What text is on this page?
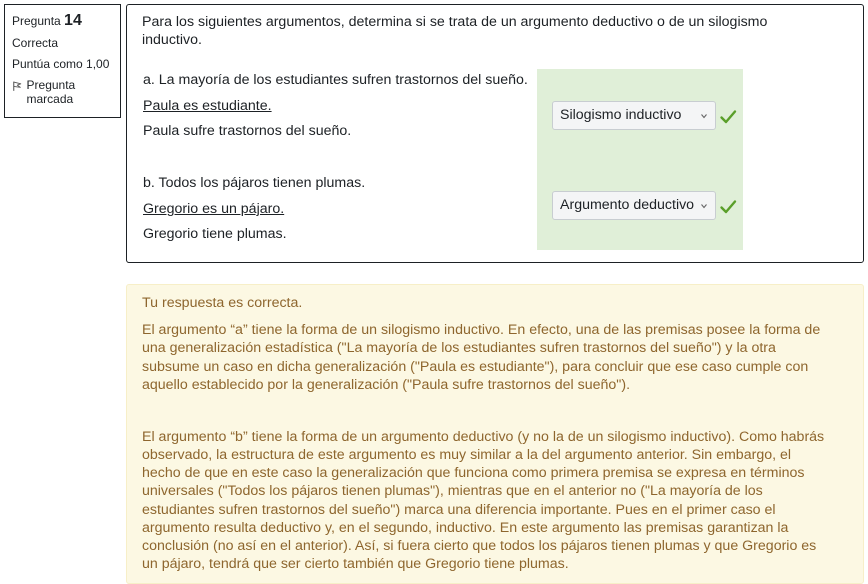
Pregunta 14
Correcta
Puntúa como 1,00
Pregunta marcada

Para los siguientes argumentos, determina si se trata de un argumento deductivo o de un silogismo inductivo.

a. La mayoría de los estudiantes sufren trastornos del sueño.
Paula es estudiante.
Paula sufre trastornos del sueño.
Silogismo inductivo
b. Todos los pájaros tienen plumas.
Gregorio es un pájaro.
Gregorio tiene plumas.
Argumento deductivo

Tu respuesta es correcta.

El argumento “a” tiene la forma de un silogismo inductivo. En efecto, una de las premisas posee la forma de una generalización estadística ("La mayoría de los estudiantes sufren trastornos del sueño") y la otra subsume un caso en dicha generalización ("Paula es estudiante"), para concluir que ese caso cumple con aquello establecido por la generalización ("Paula sufre trastornos del sueño").

El argumento “b” tiene la forma de un argumento deductivo (y no la de un silogismo inductivo). Como habrás observado, la estructura de este argumento es muy similar a la del argumento anterior. Sin embargo, el hecho de que en este caso la generalización que funciona como primera premisa se expresa en términos universales ("Todos los pájaros tienen plumas"), mientras que en el anterior no ("La mayoría de los estudiantes sufren trastornos del sueño") marca una diferencia importante. Pues en el primer caso el argumento resulta deductivo y, en el segundo, inductivo. En este argumento las premisas garantizan la conclusión (no así en el anterior). Así, si fuera cierto que todos los pájaros tienen plumas y que Gregorio es un pájaro, tendrá que ser cierto también que Gregorio tiene plumas.
